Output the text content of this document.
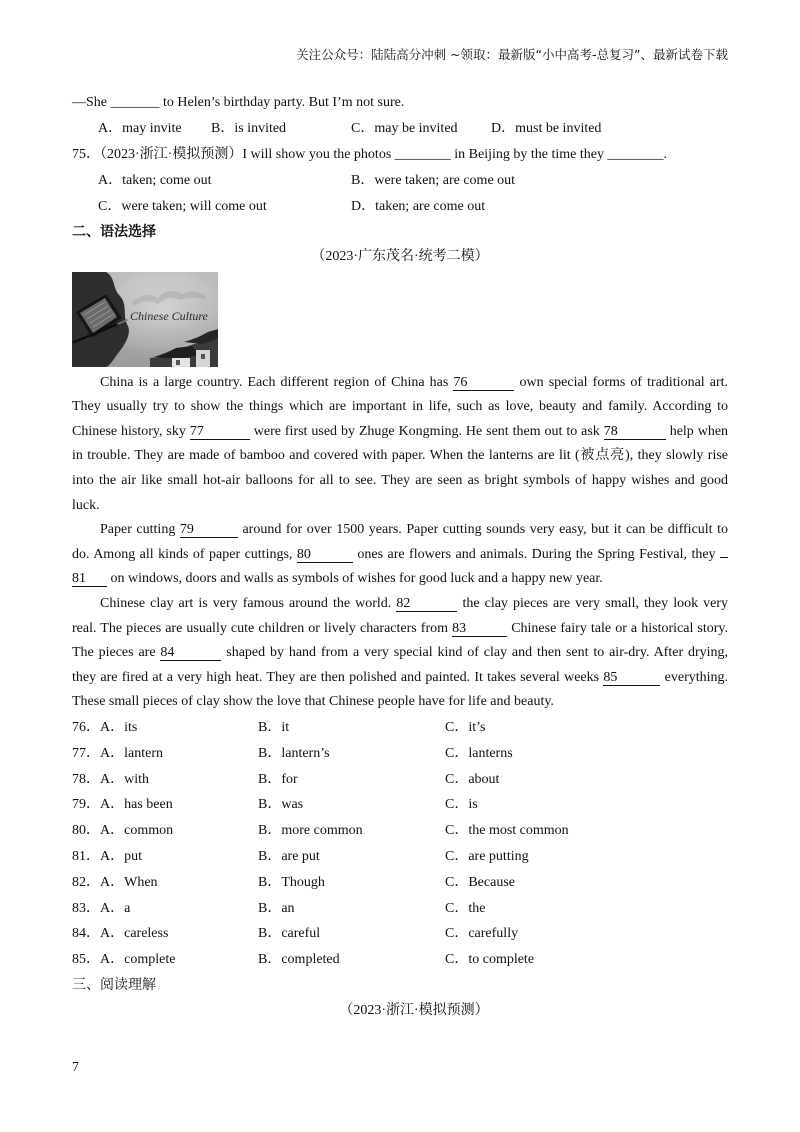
关注公众号：陆陆高分冲刺 ~领取：最新版“小中高考-总复习”、最新试卷下载
—She _______ to Helen’s birthday party. But I’m not sure.
A．may invite B．is invited	C．may be invited D．must be invited
75．（2023·浙江·模拟预测）I will show you the photos ________ in Beijing by the time they ________.
A．taken; come out	B．were taken; are come out
C．were taken; will come out	D．taken; are come out
二、语法选择
（2023·广东茂名·统考二模）
Chinese Culture
China is a large country. Each different region of China has 76	own special forms of traditional art.
They usually try to show the things which are important in life, such as love, beauty and family. According to
Chinese history, sky 77	were first used by Zhuge Kongming. He sent them out to ask 78	help when
in trouble. They are made of bamboo and covered with paper. When the lanterns are lit (被点亮), they slowly rise
into the air like small hot-air balloons for all to see. They are seen as bright symbols of happy wishes and good
luck.
Paper cutting 79	around for over 1500 years. Paper cutting sounds very easy, but it can be difficult to
do. Among all kinds of paper cuttings, 80	ones are flowers and animals. During the Spring Festival, they
81 on windows, doors and walls as symbols of wishes for good luck and a happy new year.
Chinese clay art is very famous around the world. 82	the clay pieces are very small, they look very
real. The pieces are usually cute children or lively characters from 83	Chinese fairy tale or a historical story.
The pieces are 84	shaped by hand from a very special kind of clay and then sent to air-dry. After drying,
they are fired at a very high heat. They are then polished and painted. It takes several weeks 85	everything.
These small pieces of clay show the love that Chinese people have for life and beauty.
76．A．its	B．it	C．it’s
77．A．lantern	B．lantern’s	C．lanterns
78．A．with	B．for	C．about
79．A．has been	B．was	C．is
80．A．common	B．more common	C．the most common
81．A．put	B．are put	C．are putting
82．A．When	B．Though	C．Because
83．A．a	B．an	C．the
84．A．careless	B．careful	C．carefully
85．A．complete	B．completed	C．to complete
三、阅读理解
（2023·浙江·模拟预测）
7
